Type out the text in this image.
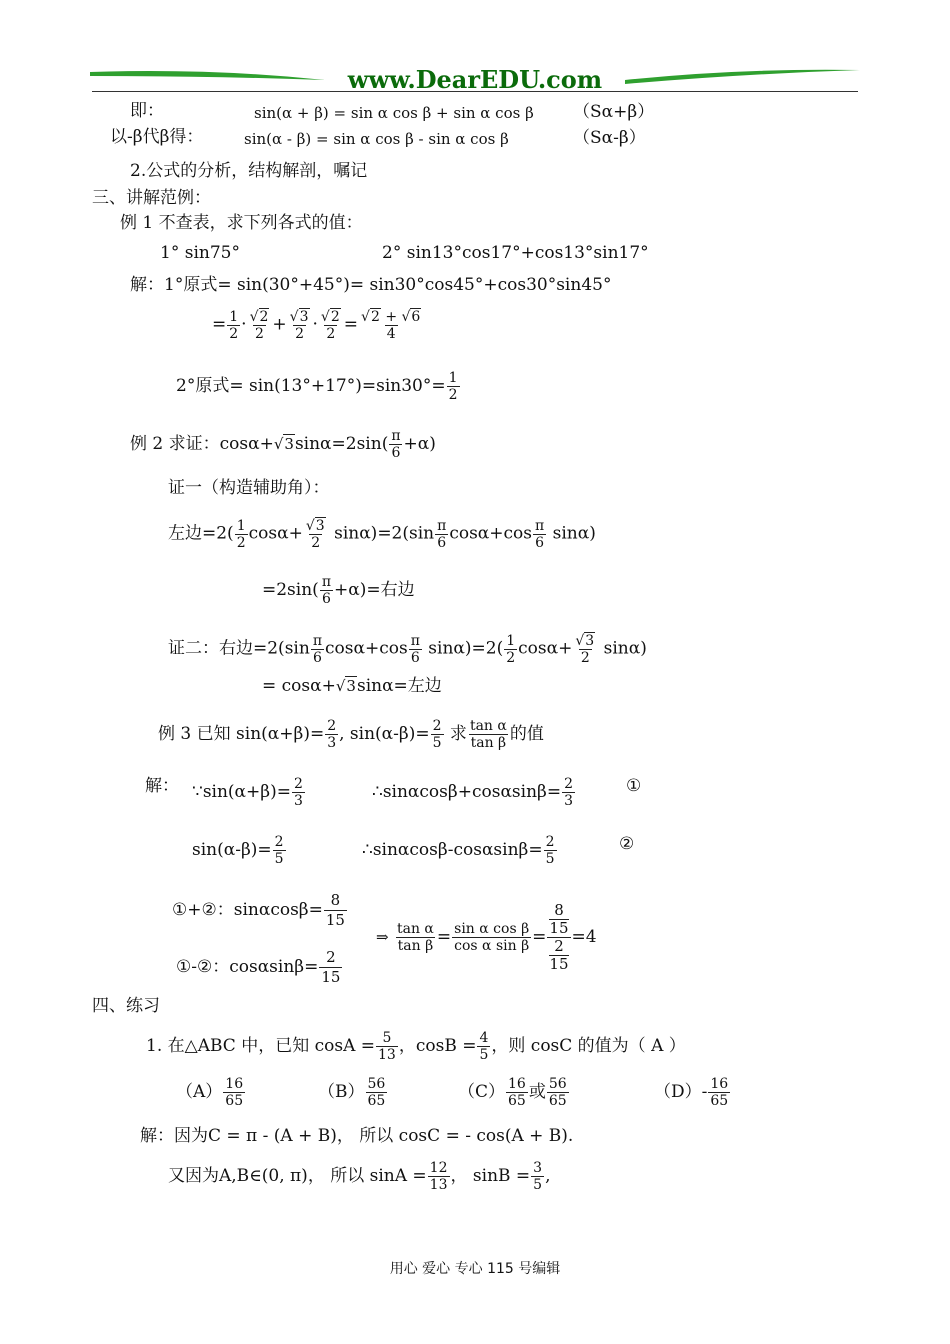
www.DearEDU.com
即：	sin(α + β) = sin α cos β + sin α cos β （Sα+β）
以-β代β得：	sin(α - β) = sin α cos β - sin α cos β	（Sα-β）
2.公式的分析，结构解剖，嘱记
三、讲解范例：
例 1 不查表，求下列各式的值：
1° sin75°	2° sin13°cos17°+cos13°sin17°
解：1°原式= sin(30°+45°)= sin30°cos45°+cos30°sin45°
= $\frac{1}{2} \cdot \frac{√2}{2} + \frac{√3}{2} \cdot \frac{√2}{2} = \frac{√2 + √6}{4}$
2°原式= $\sin(13^\circ+17^\circ)=\sin 30^\circ= \frac{1}{2}$
例 2 求证：$\cos\alpha+√3\sin\alpha=2\sin( \frac{\pi}{6} +\alpha)$
证一（构造辅助角）：
左边$=2( \frac{1}{2} \cos\alpha+ \frac{√3}{2} \sin\alpha)=2(\sin \frac{\pi}{6} \cos\alpha+\cos \frac{\pi}{6} \sin\alpha)$
$=2\sin( \frac{\pi}{6} +\alpha)=$右边
证二：右边$=2(\sin \frac{\pi}{6} \cos\alpha+\cos \frac{\pi}{6} \sin\alpha)=2( \frac{1}{2} \cos\alpha+ \frac{√3}{2} \sin\alpha)$
= cosα+√3sinα=左边
例 3 已知 $\sin(\alpha+\beta)= \frac{2}{3}$ , $\sin(\alpha-\beta)= \frac{2}{5}$ 求 $\frac{\text{tan α}}{\text{tan β}}$ 的值
解： ∵sin(α+β)= $\frac{2}{3}$	∴sinαcosβ+cosαsinβ= $\frac{2}{3}$	①
$\sin(\alpha-\beta)= \frac{2}{5}$	∴sinαcosβ-cosαsinβ= $\frac{2}{5}$	②
①+②：$\sin\alpha\cos\beta= \frac{8}{15}$
①-②：$\cos\alpha\sin\beta= \frac{2}{15}$
⇒ $\frac{\text{tan α}}{\text{tan β}} = \frac{\text{sin α cos β}}{\text{cos α sin β}} = 8$
15
2
15 =4
四、练习
1. 在△ABC 中，已知 $\cos A = \frac{5}{13}$ ，$\cos B = \frac{4}{5}$ ，则 cosC 的值为（ A ）
$(A) \frac{16}{65}$	$(B) \frac{56}{65}$	$(C) \frac{16}{65}$ 或 $\frac{56}{65}$	$(D)- \frac{16}{65}$
解：因为C = π - (A + B)， 所以 cosC = - cos(A + B).
又因为A,B∈(0, π)， 所以 $\sin A = \frac{12}{13}$ ， $\sin B = \frac{3}{5}$ ,
用心 爱心 专心 115 号编辑
